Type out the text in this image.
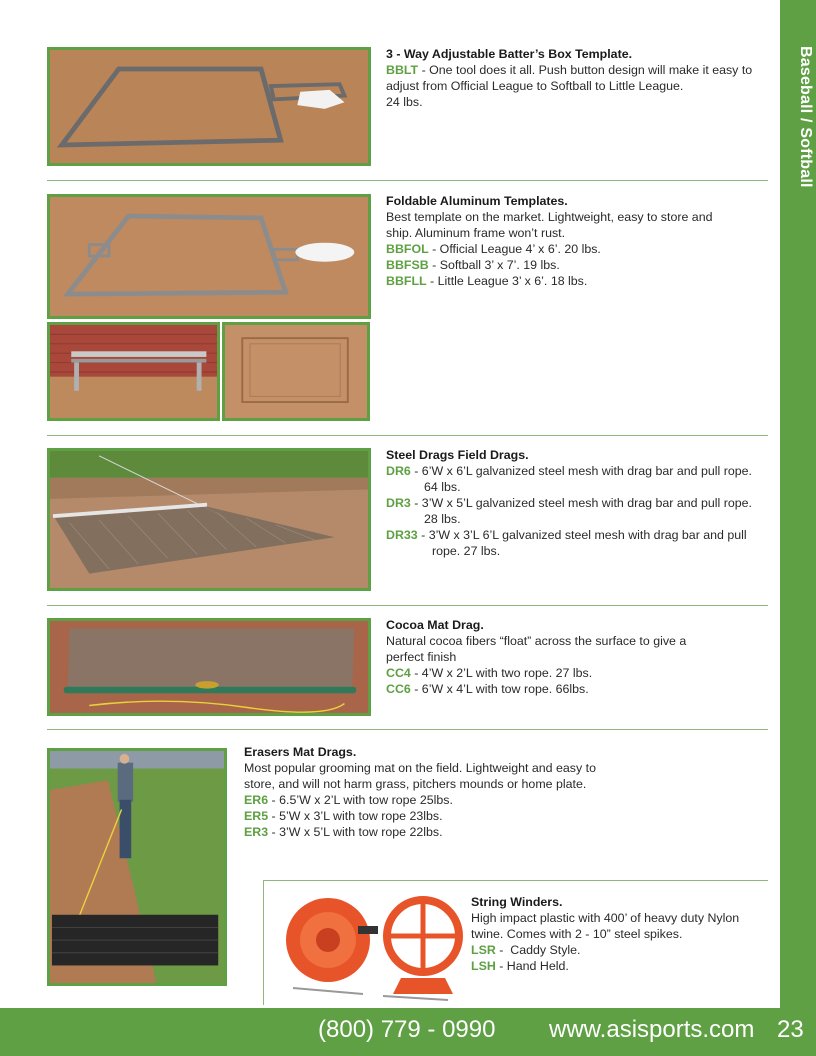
Baseball / Softball

3 - Way Adjustable Batter’s Box Template.

BBLT - One tool does it all. Push button design will make it easy to adjust from Official League to Softball to Little League.

24 lbs.

Foldable Aluminum Templates.

Best template on the market. Lightweight, easy to store and ship. Aluminum frame won’t rust.

BBFOL - Official League 4’ x 6’. 20 lbs.

BBFSB - Softball 3’ x 7’. 19 lbs.

BBFLL - Little League 3’ x 6’. 18 lbs.

Steel Drags Field Drags.

DR6 - 6’W x 6’L galvanized steel mesh with drag bar and pull rope. 64 lbs.

DR3 - 3’W x 5’L galvanized steel mesh with drag bar and pull rope. 28 lbs.

DR33 - 3’W x 3’L 6’L galvanized steel mesh with drag bar and pull rope. 27 lbs.

Cocoa Mat Drag.

Natural cocoa fibers “float” across the surface to give a perfect finish

CC4 - 4’W x 2’L with two rope. 27 lbs.

CC6 - 6’W x 4’L with tow rope. 66lbs.

Erasers Mat Drags.

Most popular grooming mat on the field. Lightweight and easy to store, and will not harm grass, pitchers mounds or home plate.

ER6 - 6.5’W x 2’L with tow rope 25lbs.

ER5 - 5’W x 3’L with tow rope 23lbs.

ER3 - 3’W x 5’L with tow rope 22lbs.

String Winders.

High impact plastic with 400’ of heavy duty Nylon twine. Comes with 2 - 10” steel spikes.

LSR -  Caddy Style.

LSH - Hand Held.

(800) 779 - 0990 www.asisports.com 23
